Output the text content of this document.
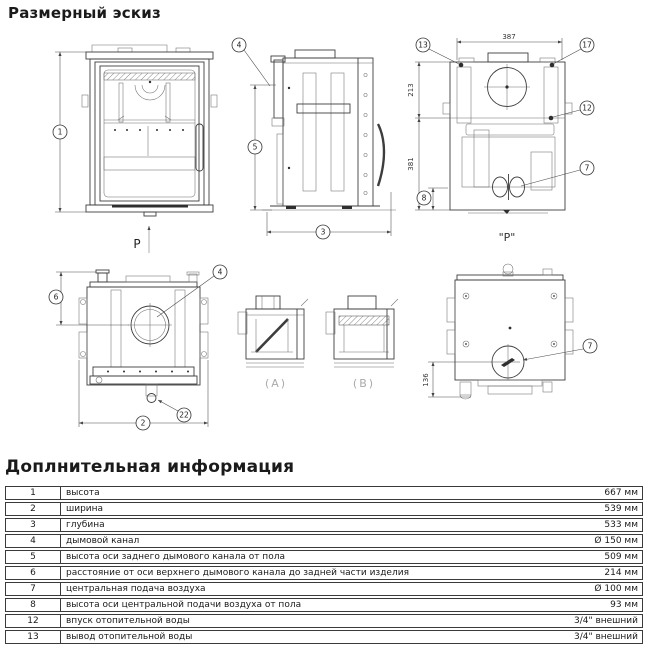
Размерный эскиз
1
P
4
5
3
387
213
381
8
13	17
12
7
"P"
6
4
22
2
(A)	(B)
7
136
Доплнительная информация
1	высота	667 мм
2	ширина	539 мм
3	глубина	533 мм
4	дымовой канал	Ø 150 мм
5	высота оси заднего дымового канала от пола	509 мм
6	расстояние от оси верхнего дымового канала до задней части изделия	214 мм
7	центральная подача воздуха	Ø 100 мм
8	высота оси центральной подачи воздуха от пола	93 мм
12	впуск отопительной воды	3/4" внешний
13	вывод отопительной воды	3/4" внешний
